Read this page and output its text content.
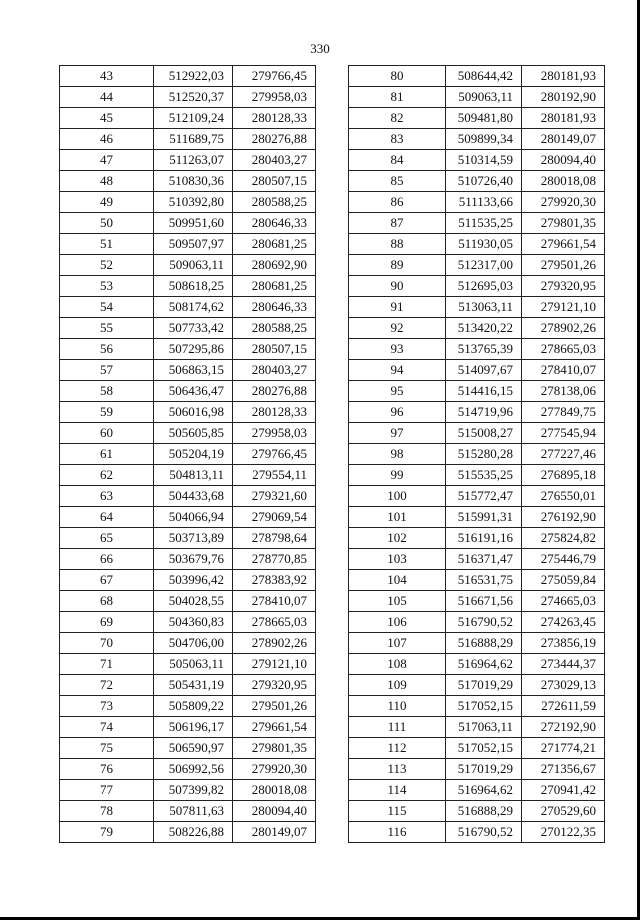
330
43	512922,03	279766,45
44	512520,37	279958,03
45	512109,24	280128,33
46	511689,75	280276,88
47	511263,07	280403,27
48	510830,36	280507,15
49	510392,80	280588,25
50	509951,60	280646,33
51	509507,97	280681,25
52	509063,11	280692,90
53	508618,25	280681,25
54	508174,62	280646,33
55	507733,42	280588,25
56	507295,86	280507,15
57	506863,15	280403,27
58	506436,47	280276,88
59	506016,98	280128,33
60	505605,85	279958,03
61	505204,19	279766,45
62	504813,11	279554,11
63	504433,68	279321,60
64	504066,94	279069,54
65	503713,89	278798,64
66	503679,76	278770,85
67	503996,42	278383,92
68	504028,55	278410,07
69	504360,83	278665,03
70	504706,00	278902,26
71	505063,11	279121,10
72	505431,19	279320,95
73	505809,22	279501,26
74	506196,17	279661,54
75	506590,97	279801,35
76	506992,56	279920,30
77	507399,82	280018,08
78	507811,63	280094,40
79	508226,88	280149,07
80	508644,42	280181,93
81	509063,11	280192,90
82	509481,80	280181,93
83	509899,34	280149,07
84	510314,59	280094,40
85	510726,40	280018,08
86	511133,66	279920,30
87	511535,25	279801,35
88	511930,05	279661,54
89	512317,00	279501,26
90	512695,03	279320,95
91	513063,11	279121,10
92	513420,22	278902,26
93	513765,39	278665,03
94	514097,67	278410,07
95	514416,15	278138,06
96	514719,96	277849,75
97	515008,27	277545,94
98	515280,28	277227,46
99	515535,25	276895,18
100	515772,47	276550,01
101	515991,31	276192,90
102	516191,16	275824,82
103	516371,47	275446,79
104	516531,75	275059,84
105	516671,56	274665,03
106	516790,52	274263,45
107	516888,29	273856,19
108	516964,62	273444,37
109	517019,29	273029,13
110	517052,15	272611,59
111	517063,11	272192,90
112	517052,15	271774,21
113	517019,29	271356,67
114	516964,62	270941,42
115	516888,29	270529,60
116	516790,52	270122,35
